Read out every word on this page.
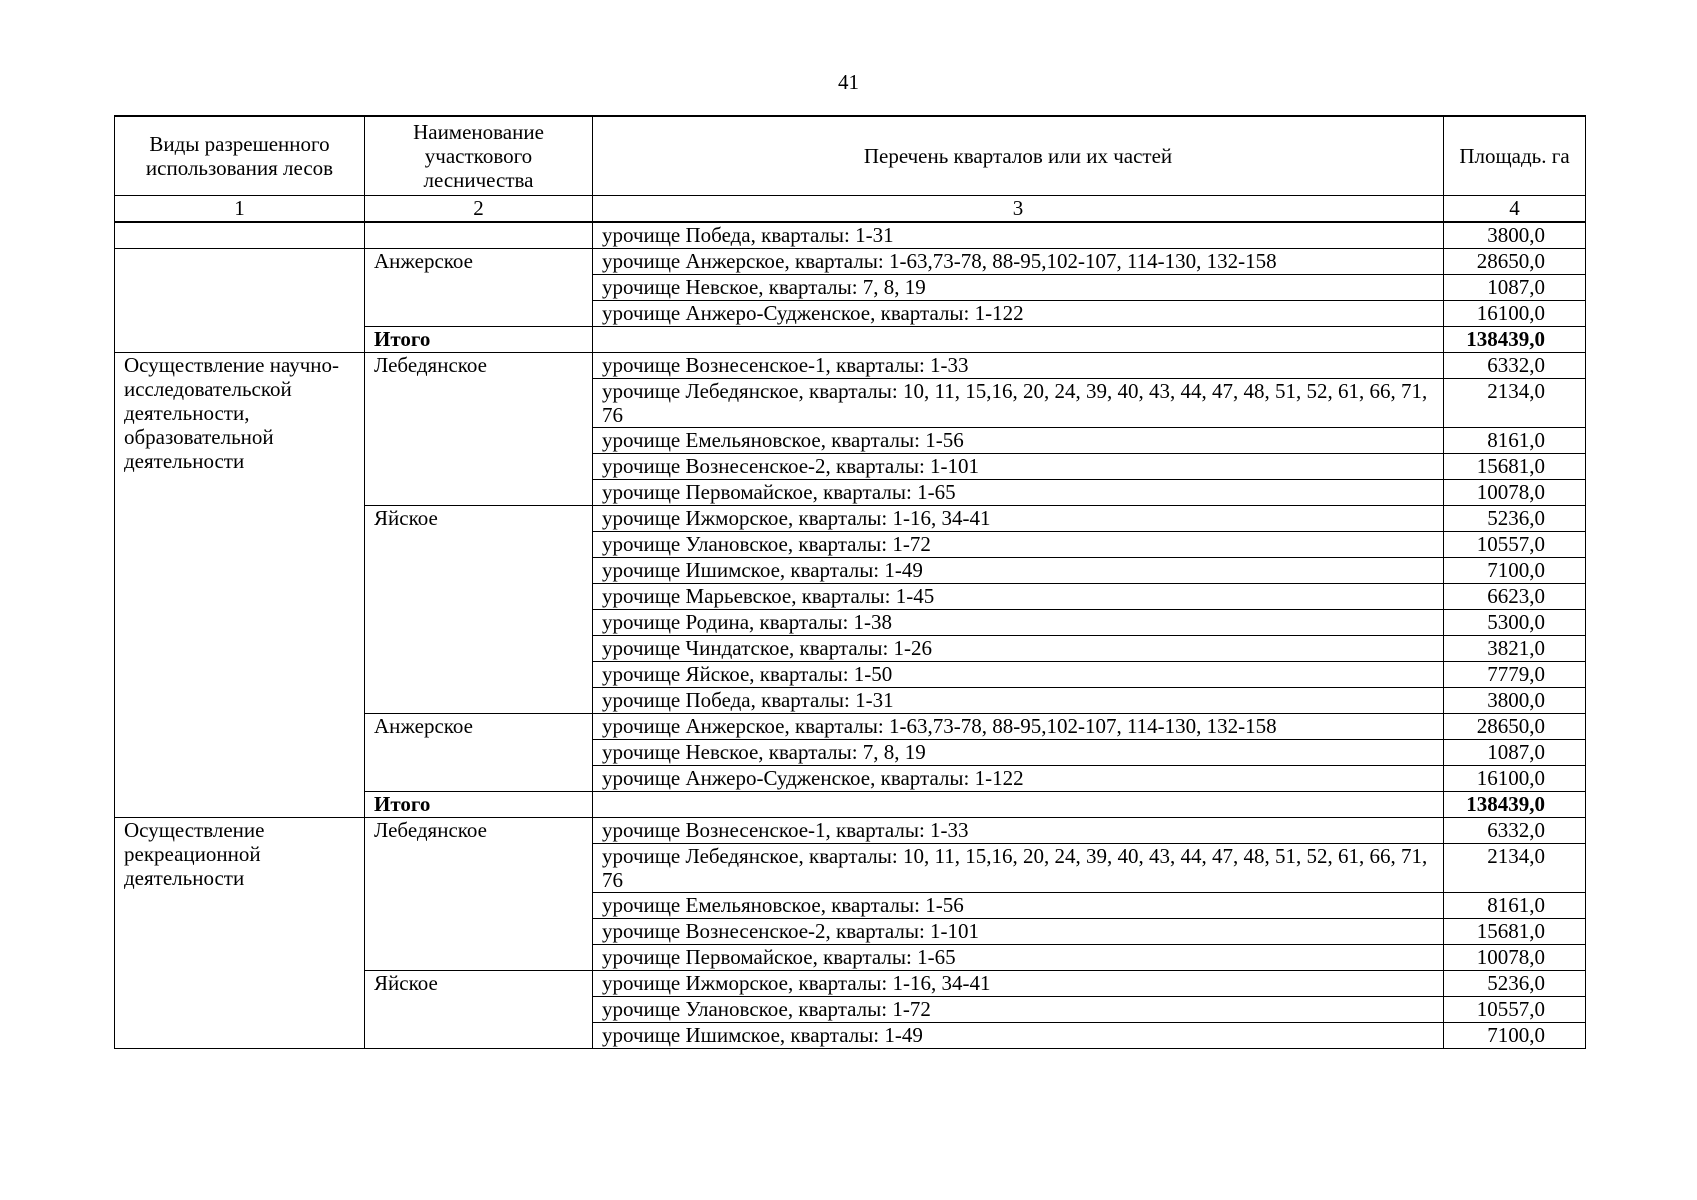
41
Виды разрешенного использования лесов	Наименование участкового лесничества	Перечень кварталов или их частей	Площадь. га
1	2	3	4
		урочище Победа, кварталы: 1-31	3800,0
	Анжерское	урочище Анжерское, кварталы: 1-63,73-78, 88-95,102-107, 114-130, 132-158	28650,0
		урочище Невское, кварталы: 7, 8, 19	1087,0
		урочище Анжеро-Судженское, кварталы: 1-122	16100,0
	Итого		138439,0
Осуществление научно-исследовательской деятельности, образовательной деятельности	Лебедянское	урочище Вознесенское-1, кварталы: 1-33	6332,0
		урочище Лебедянское, кварталы: 10, 11, 15,16, 20, 24, 39, 40, 43, 44, 47, 48, 51, 52, 61, 66, 71, 76	2134,0
		урочище Емельяновское, кварталы: 1-56	8161,0
		урочище Вознесенское-2, кварталы: 1-101	15681,0
		урочище Первомайское, кварталы: 1-65	10078,0
	Яйское	урочище Ижморское, кварталы: 1-16, 34-41	5236,0
		урочище Улановское, кварталы: 1-72	10557,0
		урочище Ишимское, кварталы: 1-49	7100,0
		урочище Марьевское, кварталы: 1-45	6623,0
		урочище Родина, кварталы: 1-38	5300,0
		урочище Чиндатское, кварталы: 1-26	3821,0
		урочище Яйское, кварталы: 1-50	7779,0
		урочище Победа, кварталы: 1-31	3800,0
	Анжерское	урочище Анжерское, кварталы: 1-63,73-78, 88-95,102-107, 114-130, 132-158	28650,0
		урочище Невское, кварталы: 7, 8, 19	1087,0
		урочище Анжеро-Судженское, кварталы: 1-122	16100,0
	Итого		138439,0
Осуществление рекреационной деятельности	Лебедянское	урочище Вознесенское-1, кварталы: 1-33	6332,0
		урочище Лебедянское, кварталы: 10, 11, 15,16, 20, 24, 39, 40, 43, 44, 47, 48, 51, 52, 61, 66, 71, 76	2134,0
		урочище Емельяновское, кварталы: 1-56	8161,0
		урочище Вознесенское-2, кварталы: 1-101	15681,0
		урочище Первомайское, кварталы: 1-65	10078,0
	Яйское	урочище Ижморское, кварталы: 1-16, 34-41	5236,0
		урочище Улановское, кварталы: 1-72	10557,0
		урочище Ишимское, кварталы: 1-49	7100,0
